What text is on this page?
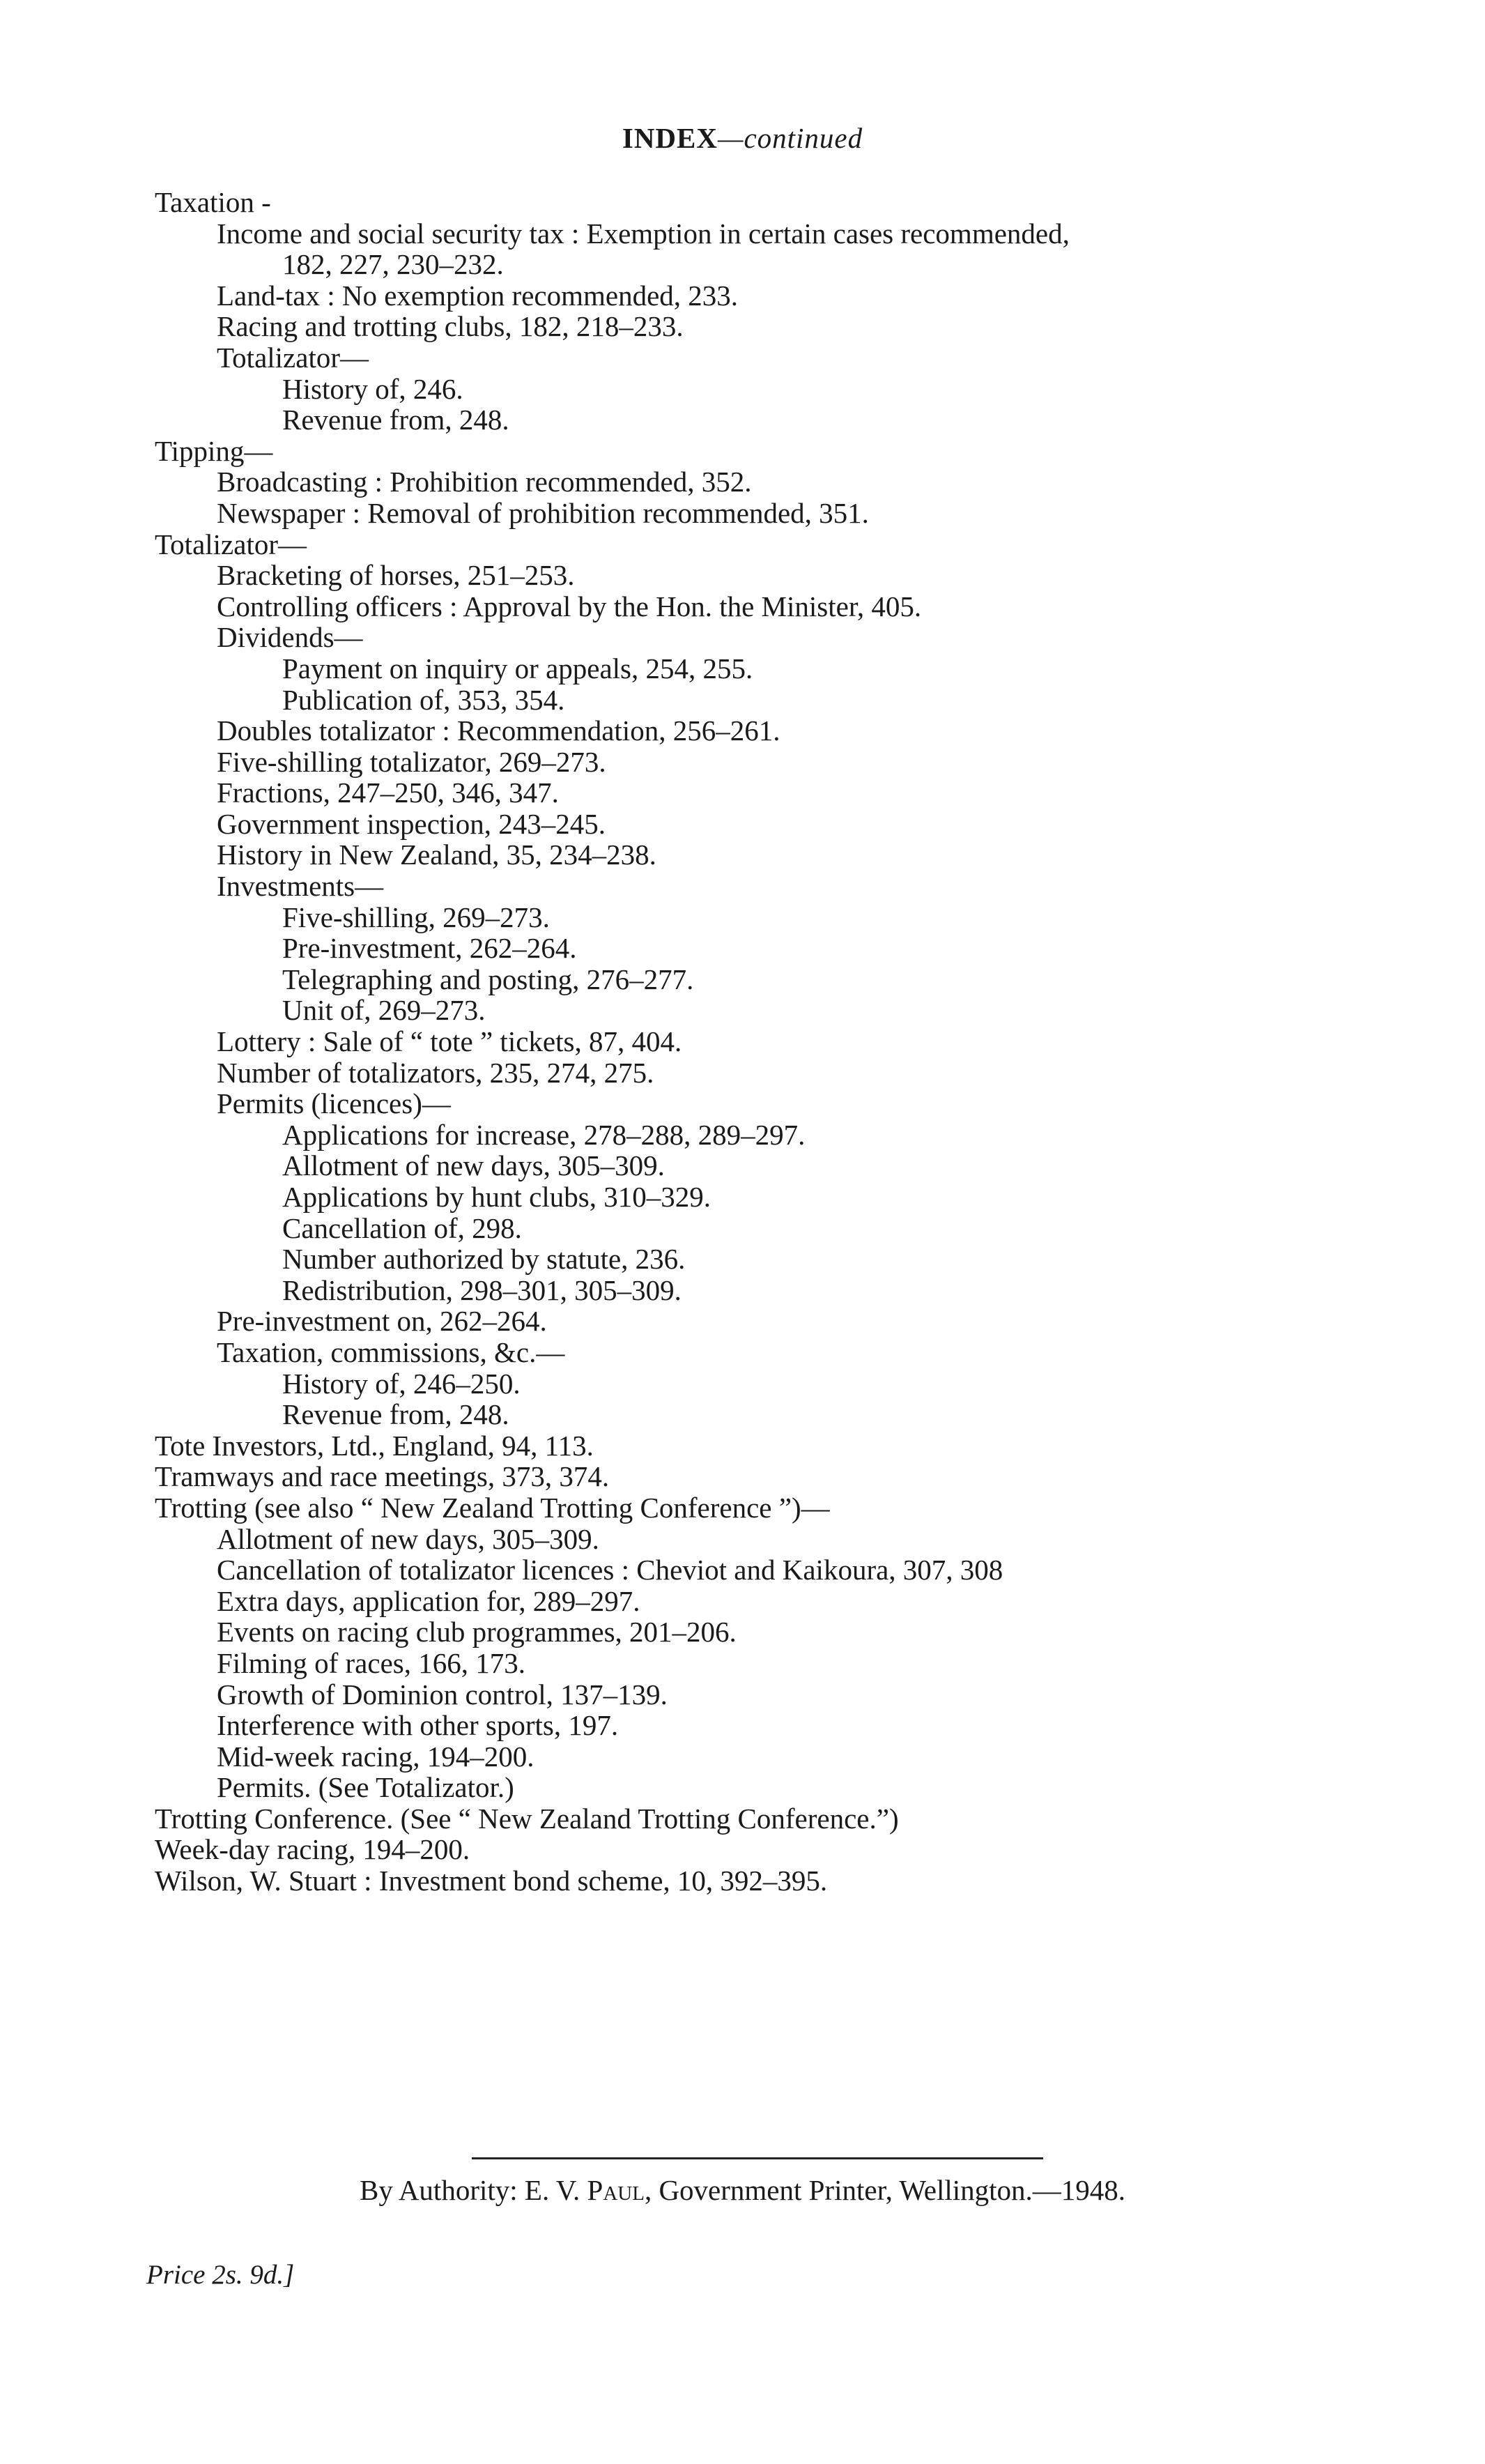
INDEX—continued
Taxation -
Income and social security tax : Exemption in certain cases recommended,
182, 227, 230–232.
Land-tax : No exemption recommended, 233.
Racing and trotting clubs, 182, 218–233.
Totalizator—
History of, 246.
Revenue from, 248.
Tipping—
Broadcasting : Prohibition recommended, 352.
Newspaper : Removal of prohibition recommended, 351.
Totalizator—
Bracketing of horses, 251–253.
Controlling officers : Approval by the Hon. the Minister, 405.
Dividends—
Payment on inquiry or appeals, 254, 255.
Publication of, 353, 354.
Doubles totalizator : Recommendation, 256–261.
Five-shilling totalizator, 269–273.
Fractions, 247–250, 346, 347.
Government inspection, 243–245.
History in New Zealand, 35, 234–238.
Investments—
Five-shilling, 269–273.
Pre-investment, 262–264.
Telegraphing and posting, 276–277.
Unit of, 269–273.
Lottery : Sale of “ tote ” tickets, 87, 404.
Number of totalizators, 235, 274, 275.
Permits (licences)—
Applications for increase, 278–288, 289–297.
Allotment of new days, 305–309.
Applications by hunt clubs, 310–329.
Cancellation of, 298.
Number authorized by statute, 236.
Redistribution, 298–301, 305–309.
Pre-investment on, 262–264.
Taxation, commissions, &c.—
History of, 246–250.
Revenue from, 248.
Tote Investors, Ltd., England, 94, 113.
Tramways and race meetings, 373, 374.
Trotting (see also “ New Zealand Trotting Conference ”)—
Allotment of new days, 305–309.
Cancellation of totalizator licences : Cheviot and Kaikoura, 307, 308
Extra days, application for, 289–297.
Events on racing club programmes, 201–206.
Filming of races, 166, 173.
Growth of Dominion control, 137–139.
Interference with other sports, 197.
Mid-week racing, 194–200.
Permits. (See Totalizator.)
Trotting Conference. (See “ New Zealand Trotting Conference.”)
Week-day racing, 194–200.
Wilson, W. Stuart : Investment bond scheme, 10, 392–395.
By Authority: E. V. Paul, Government Printer, Wellington.—1948.
Price 2s. 9d.]
